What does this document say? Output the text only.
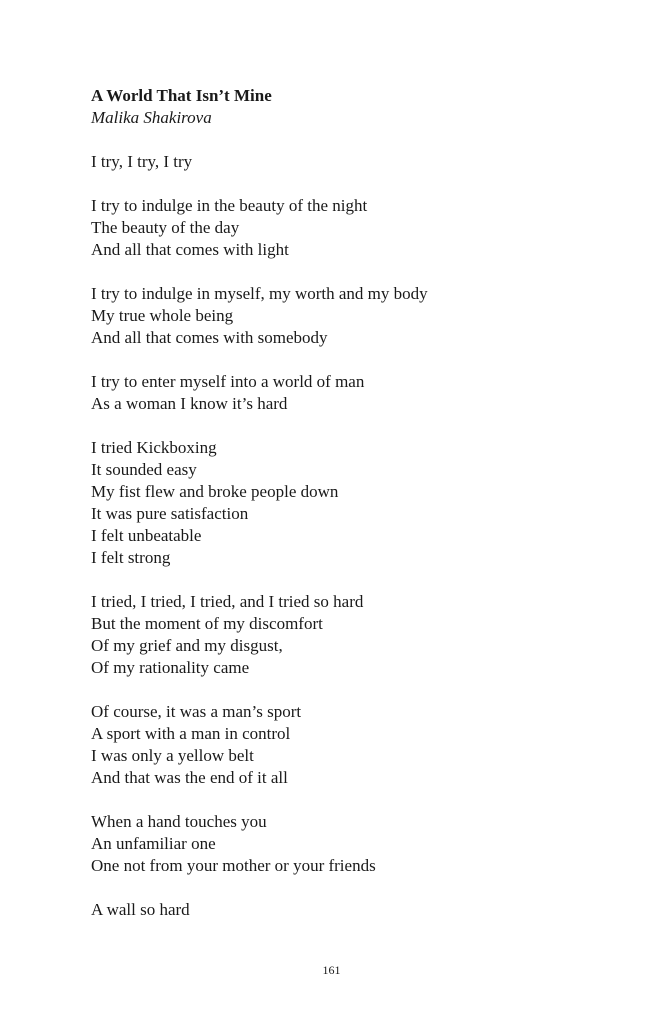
A World That Isn’t Mine
Malika Shakirova
I try, I try, I try
I try to indulge in the beauty of the night
The beauty of the day
And all that comes with light
I try to indulge in myself, my worth and my body
My true whole being
And all that comes with somebody
I try to enter myself into a world of man
As a woman I know it’s hard
I tried Kickboxing
It sounded easy
My fist flew and broke people down
It was pure satisfaction
I felt unbeatable
I felt strong
I tried, I tried, I tried, and I tried so hard
But the moment of my discomfort
Of my grief and my disgust,
Of my rationality came
Of course, it was a man’s sport
A sport with a man in control
I was only a yellow belt
And that was the end of it all
When a hand touches you
An unfamiliar one
One not from your mother or your friends
A wall so hard
161
